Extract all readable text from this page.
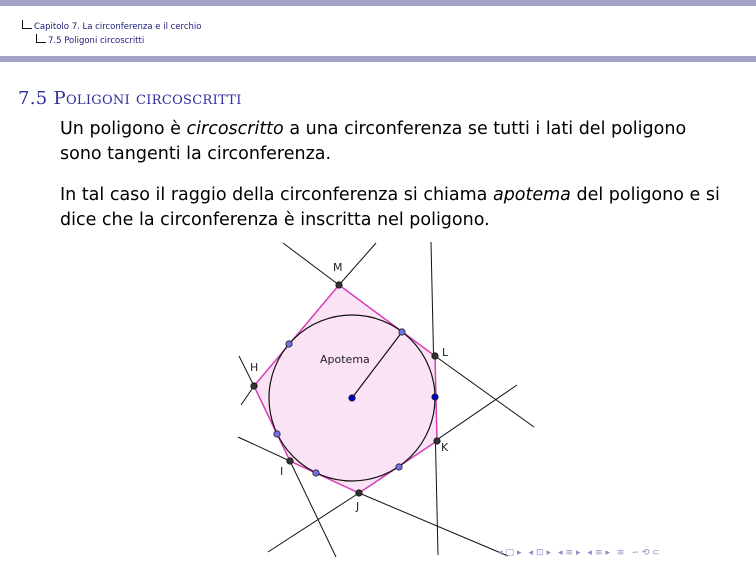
Capitolo 7. La circonferenza e il cerchio
7.5 Poligoni circoscritti
7.5 Poligoni circoscritti
Un poligono è circoscritto a una circonferenza se tutti i lati del poligono sono tangenti la circonferenza.
In tal caso il raggio della circonferenza si chiama apotema del poligono e si dice che la circonferenza è inscritta nel poligono.
M
L
K
J
I
H
Apotema
◂ □ ▸ ◂ ⊡ ▸ ◂ ≡ ▸ ◂ ≡ ▸ ≡ ∽ ⟲ ⊂
